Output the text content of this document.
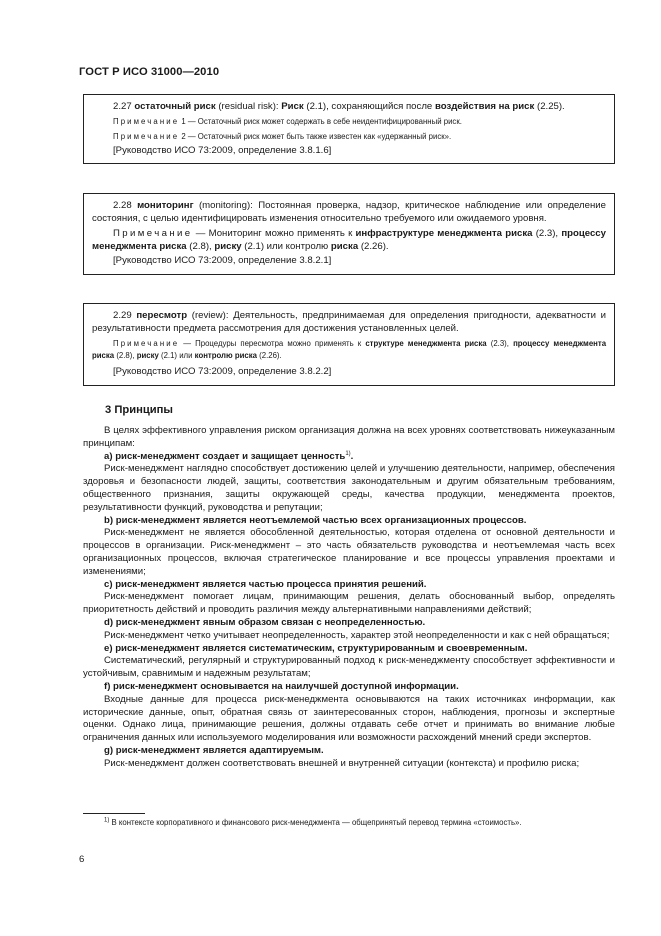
ГОСТ Р ИСО 31000—2010

2.27 остаточный риск (residual risk): Риск (2.1), сохраняющийся после воздействия на риск (2.25).

Примечание 1 — Остаточный риск может содержать в себе неидентифицированный риск.

Примечание 2 — Остаточный риск может быть также известен как «удержанный риск».

[Руководство ИСО 73:2009, определение 3.8.1.6]

2.28 мониторинг (monitoring): Постоянная проверка, надзор, критическое наблюдение или определение состояния, с целью идентифицировать изменения относительно требуемого или ожидаемого уровня.

Примечание — Мониторинг можно применять к инфраструктуре менеджмента риска (2.3), процессу менеджмента риска (2.8), риску (2.1) или контролю риска (2.26).

[Руководство ИСО 73:2009, определение 3.8.2.1]

2.29 пересмотр (review): Деятельность, предпринимаемая для определения пригодности, адекватности и результативности предмета рассмотрения для достижения установленных целей.

Примечание — Процедуры пересмотра можно применять к структуре менеджмента риска (2.3), процессу менеджмента риска (2.8), риску (2.1) или контролю риска (2.26).

[Руководство ИСО 73:2009, определение 3.8.2.2]

3 Принципы

В целях эффективного управления риском организация должна на всех уровнях соответствовать нижеуказанным принципам:

а) риск-менеджмент создает и защищает ценность$^{1)}$.

Риск-менеджмент наглядно способствует достижению целей и улучшению деятельности, например, обеспечения здоровья и безопасности людей, защиты, соответствия законодательным и другим обязательным требованиям, общественного признания, защиты окружающей среды, качества продукции, менеджмента проектов, результативности функций, руководства и репутации;

b) риск-менеджмент является неотъемлемой частью всех организационных процессов.

Риск-менеджмент не является обособленной деятельностью, которая отделена от основной деятельности и процессов в организации. Риск-менеджмент – это часть обязательств руководства и неотъемлемая часть всех организационных процессов, включая стратегическое планирование и все процессы управления проектами и изменениями;

с) риск-менеджмент является частью процесса принятия решений.

Риск-менеджмент помогает лицам, принимающим решения, делать обоснованный выбор, определять приоритетность действий и проводить различия между альтернативными направлениями действий;

d) риск-менеджмент явным образом связан с неопределенностью.

Риск-менеджмент четко учитывает неопределенность, характер этой неопределенности и как с ней обращаться;

е) риск-менеджмент является систематическим, структурированным и своевременным.

Систематический, регулярный и структурированный подход к риск-менеджменту способствует эффективности и устойчивым, сравнимым и надежным результатам;

f) риск-менеджмент основывается на наилучшей доступной информации.

Входные данные для процесса риск-менеджмента основываются на таких источниках информации, как исторические данные, опыт, обратная связь от заинтересованных сторон, наблюдения, прогнозы и экспертные оценки. Однако лица, принимающие решения, должны отдавать себе отчет и принимать во внимание любые ограничения данных или используемого моделирования или возможности расхождений мнений среди экспертов.

g) риск-менеджмент является адаптируемым.

Риск-менеджмент должен соответствовать внешней и внутренней ситуации (контекста) и профилю риска;

$^{1)}$ В контексте корпоративного и финансового риск-менеджмента — общепринятый перевод термина «стоимость».

6
